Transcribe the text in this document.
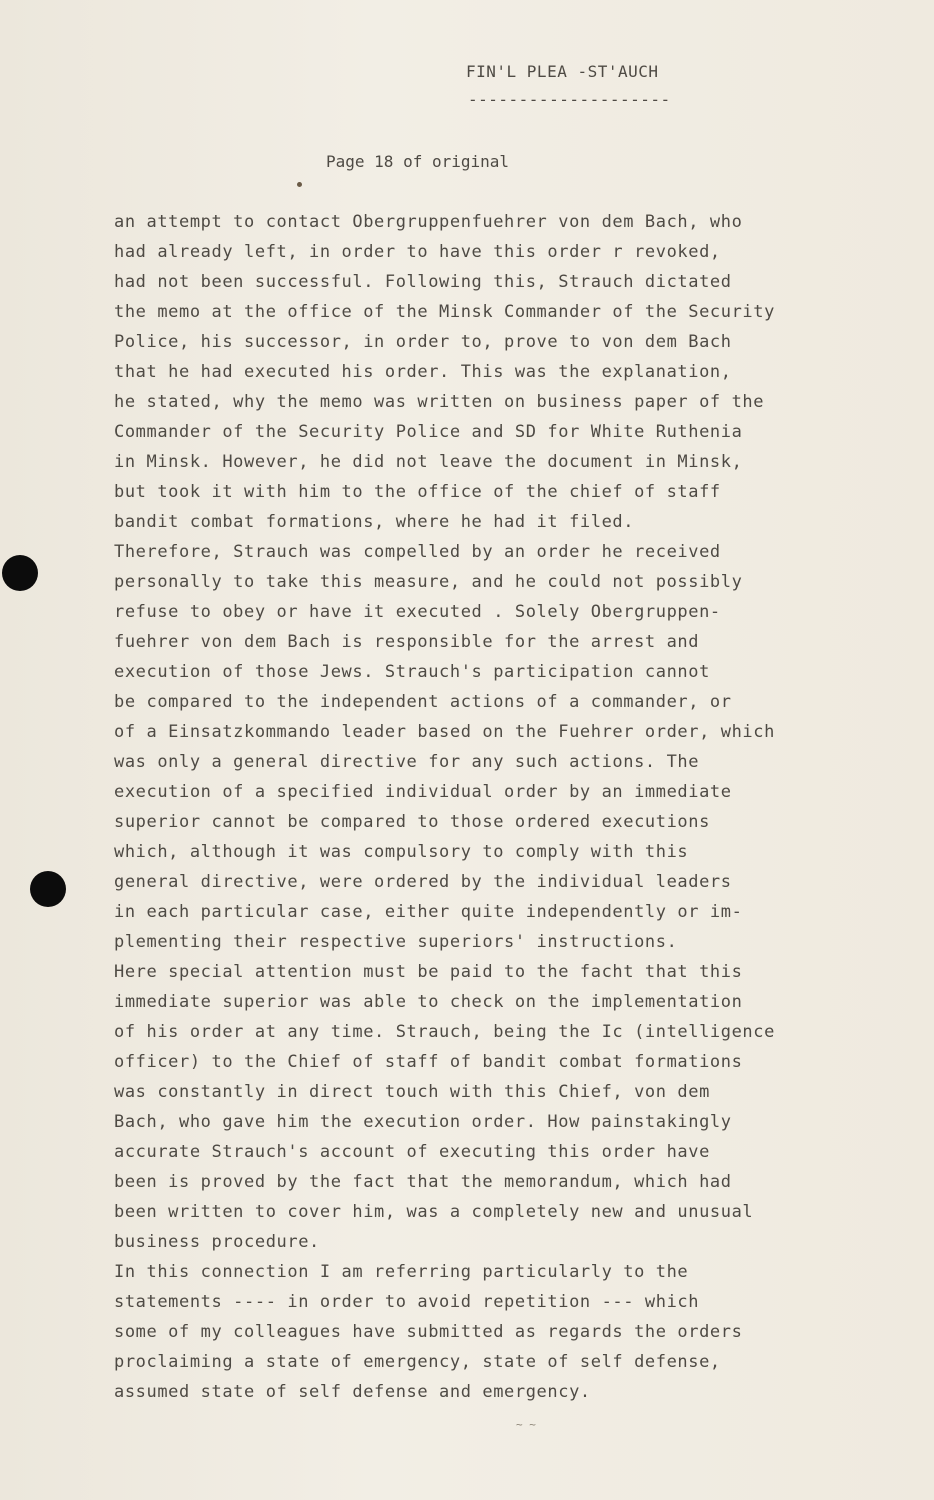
FIN'L PLEA -ST'AUCH
--------------------
Page 18 of original
an attempt to contact Obergruppenfuehrer von dem Bach, who
had already left, in order to have this order r revoked,
had not been successful. Following this, Strauch dictated
the memo at the office of the Minsk Commander of the Security
Police, his successor, in order to, prove to von dem Bach
that he had executed his order. This was the explanation,
he stated, why the memo was written on business paper of the
Commander of the Security Police and SD for White Ruthenia
in Minsk. However, he did not leave the document in Minsk,
but took it with him to the office of the chief of staff
bandit combat formations, where he had it filed.
Therefore, Strauch was compelled by an order he received
personally to take this measure, and he could not possibly
refuse to obey or have it executed . Solely Obergruppen-
fuehrer von dem Bach is responsible for the arrest and
execution of those Jews. Strauch's participation cannot
be compared to the independent actions of a commander, or
of a Einsatzkommando leader based on the Fuehrer order, which
was only a general directive for any such actions. The
execution of a specified individual order by an immediate
superior cannot be compared to those ordered executions
which, although it was compulsory to comply with this
general directive, were ordered by the individual leaders
in each particular case, either quite independently or im-
plementing their respective superiors' instructions.
Here special attention must be paid to the facht that this
immediate superior was able to check on the implementation
of his order at any time. Strauch, being the Ic (intelligence
officer) to the Chief of staff of bandit combat formations
was constantly in direct touch with this Chief, von dem
Bach, who gave him the execution order. How painstakingly
accurate Strauch's account of executing this order have
been is proved by the fact that the memorandum, which had
been written to cover him, was a completely new and unusual
business procedure.
In this connection I am referring particularly to the
statements ---- in order to avoid repetition --- which
some of my colleagues have submitted as regards the orders
proclaiming a state of emergency, state of self defense,
assumed state of self defense and emergency.
~ ~
